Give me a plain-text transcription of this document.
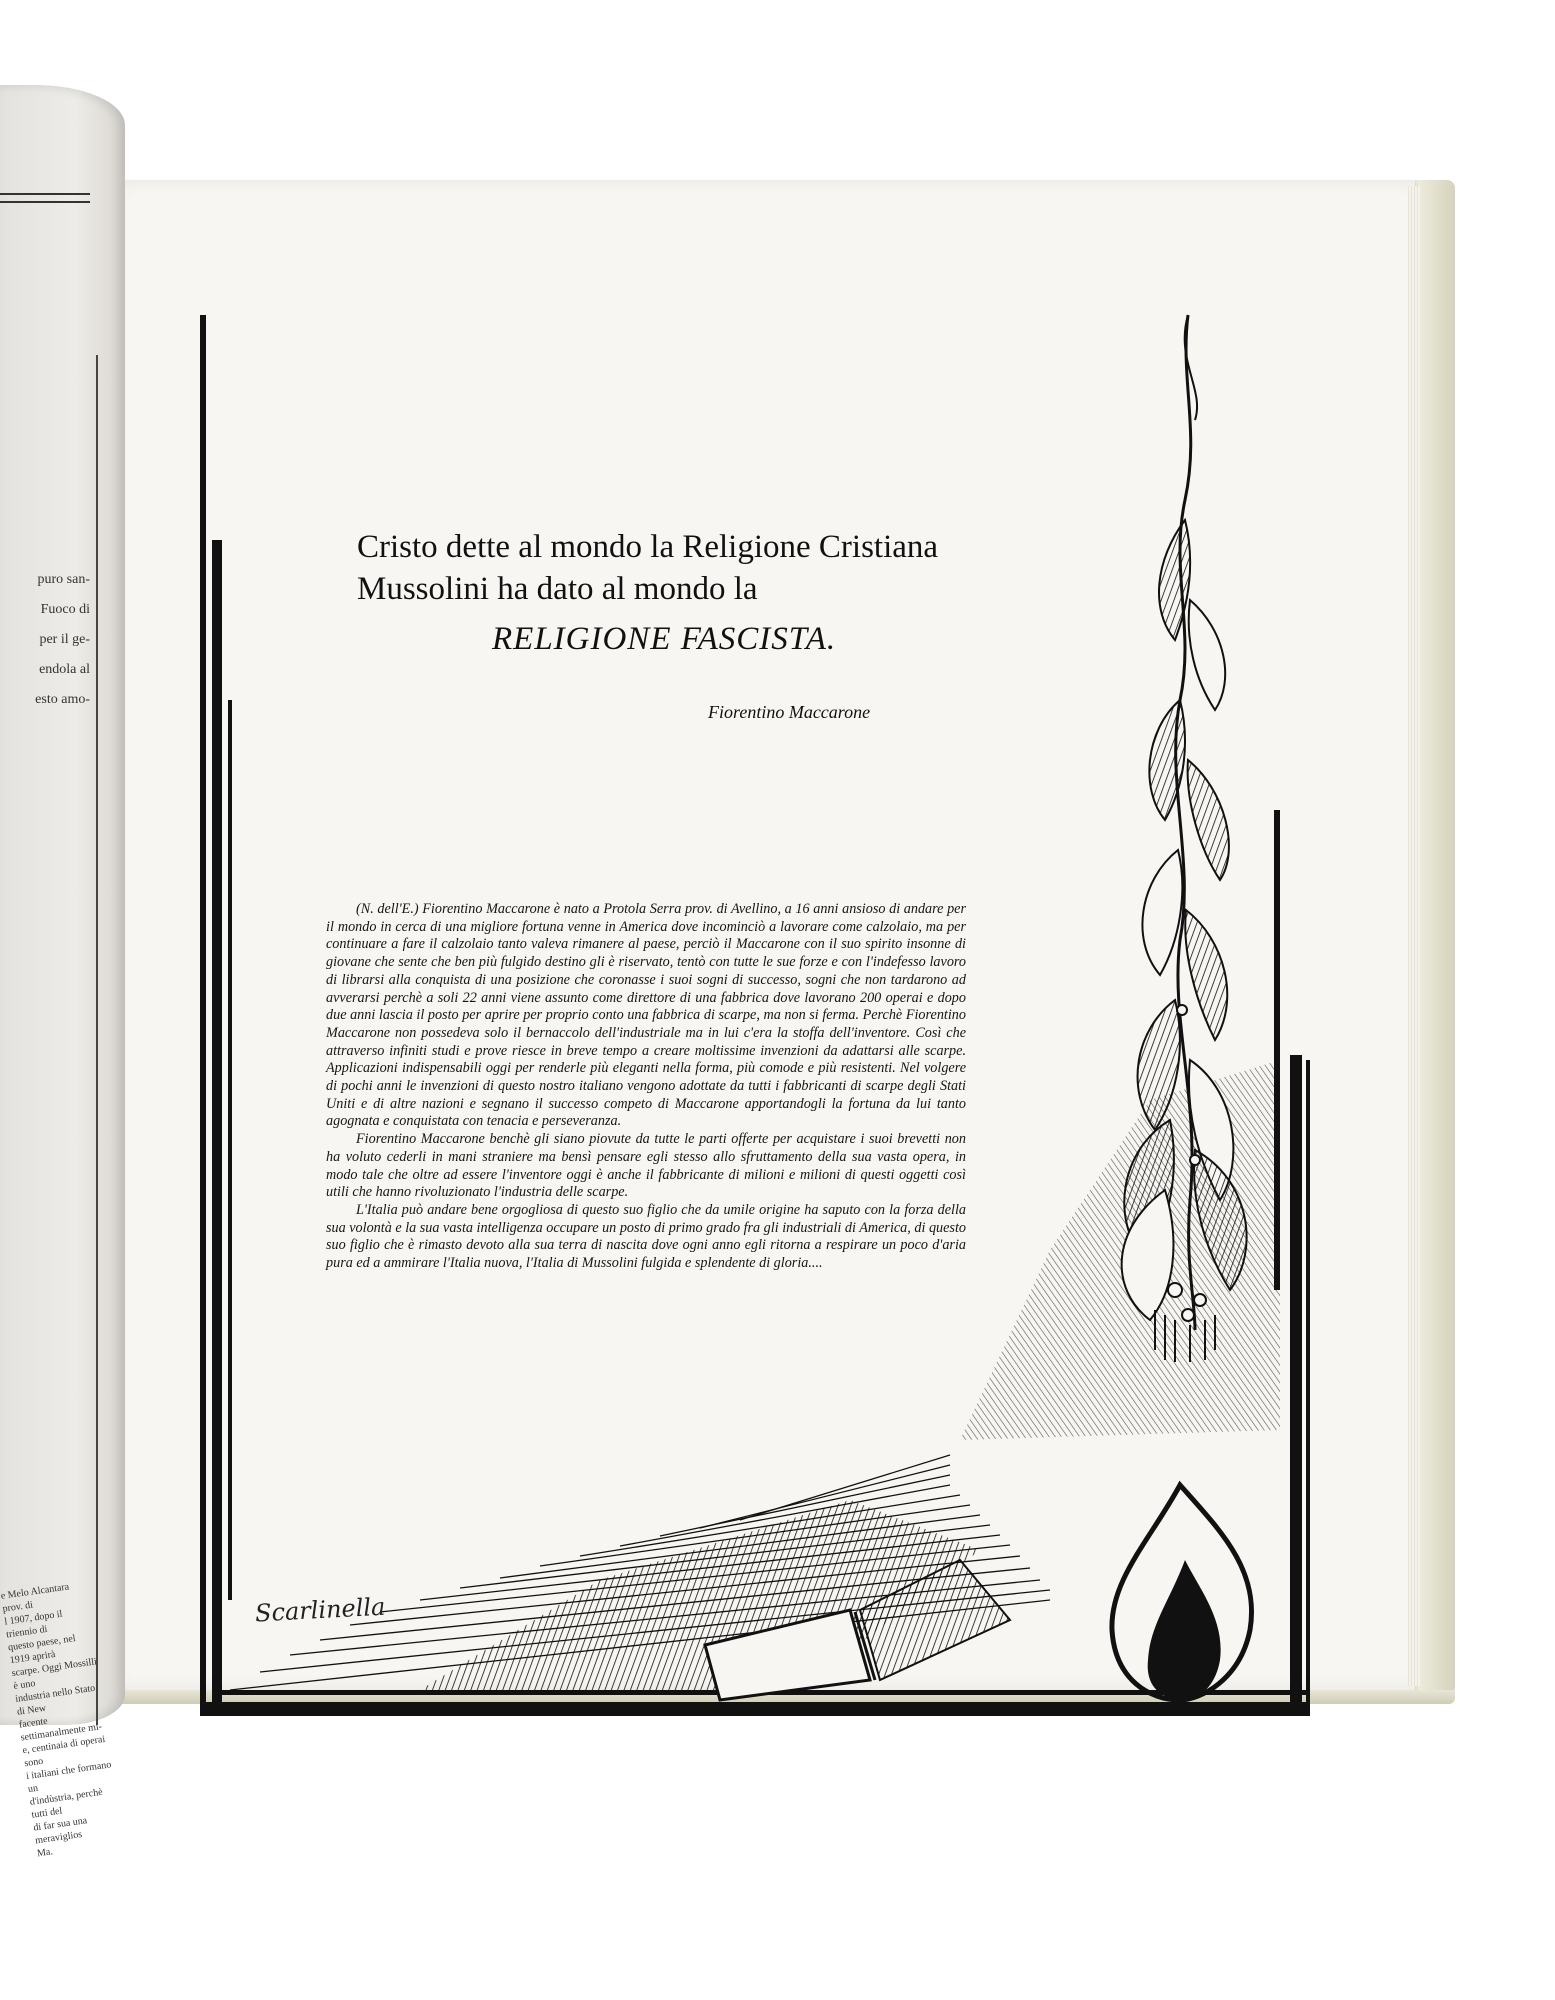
puro san-
Fuoco di
per il ge-
endola al
esto amo-
e Melo Alcantara prov. di
l 1907, dopo il triennio di
questo paese, nel 1919 aprirà
scarpe. Oggi Mossilli è uno
industria nello Stato di New
facente settimanalmente mi-
e, centinaia di operai sono
i italiani che formano un
d'indùstria, perchè tutti del
di far sua una meraviglios
Ma.
Cristo dette al mondo la Religione Cristiana
Mussolini ha dato al mondo la
RELIGIONE FASCISTA.
Fiorentino Maccarone

(N. dell'E.) Fiorentino Maccarone è nato a Protola Serra prov. di Avellino, a 16 anni ansioso di andare per il mondo in cerca di una migliore fortuna venne in America dove incominciò a lavorare come calzolaio, ma per continuare a fare il calzolaio tanto valeva rimanere al paese, perciò il Maccarone con il suo spirito insonne di giovane che sente che ben più fulgido destino gli è riservato, tentò con tutte le sue forze e con l'indefesso lavoro di librarsi alla conquista di una posizione che coronasse i suoi sogni di successo, sogni che non tardarono ad avverarsi perchè a soli 22 anni viene assunto come direttore di una fabbrica dove lavorano 200 operai e dopo due anni lascia il posto per aprire per proprio conto una fabbrica di scarpe, ma non si ferma. Perchè Fiorentino Maccarone non possedeva solo il bernaccolo dell'industriale ma in lui c'era la stoffa dell'inventore. Così che attraverso infiniti studi e prove riesce in breve tempo a creare moltissime invenzioni da adattarsi alle scarpe. Applicazioni indispensabili oggi per renderle più eleganti nella forma, più comode e più resistenti. Nel volgere di pochi anni le invenzioni di questo nostro italiano vengono adottate da tutti i fabbricanti di scarpe degli Stati Uniti e di altre nazioni e segnano il successo competo di Maccarone apportandogli la fortuna da lui tanto agognata e conquistata con tenacia e perseveranza.

Fiorentino Maccarone benchè gli siano piovute da tutte le parti offerte per acquistare i suoi brevetti non ha voluto cederli in mani straniere ma bensì pensare egli stesso allo sfruttamento della sua vasta opera, in modo tale che oltre ad essere l'inventore oggi è anche il fabbricante di milioni e milioni di questi oggetti così utili che hanno rivoluzionato l'industria delle scarpe.

L'Italia può andare bene orgogliosa di questo suo figlio che da umile origine ha saputo con la forza della sua volontà e la sua vasta intelligenza occupare un posto di primo grado fra gli industriali di America, di questo suo figlio che è rimasto devoto alla sua terra di nascita dove ogni anno egli ritorna a respirare un poco d'aria pura ed a ammirare l'Italia nuova, l'Italia di Mussolini fulgida e splendente di gloria....

Scarlinella
